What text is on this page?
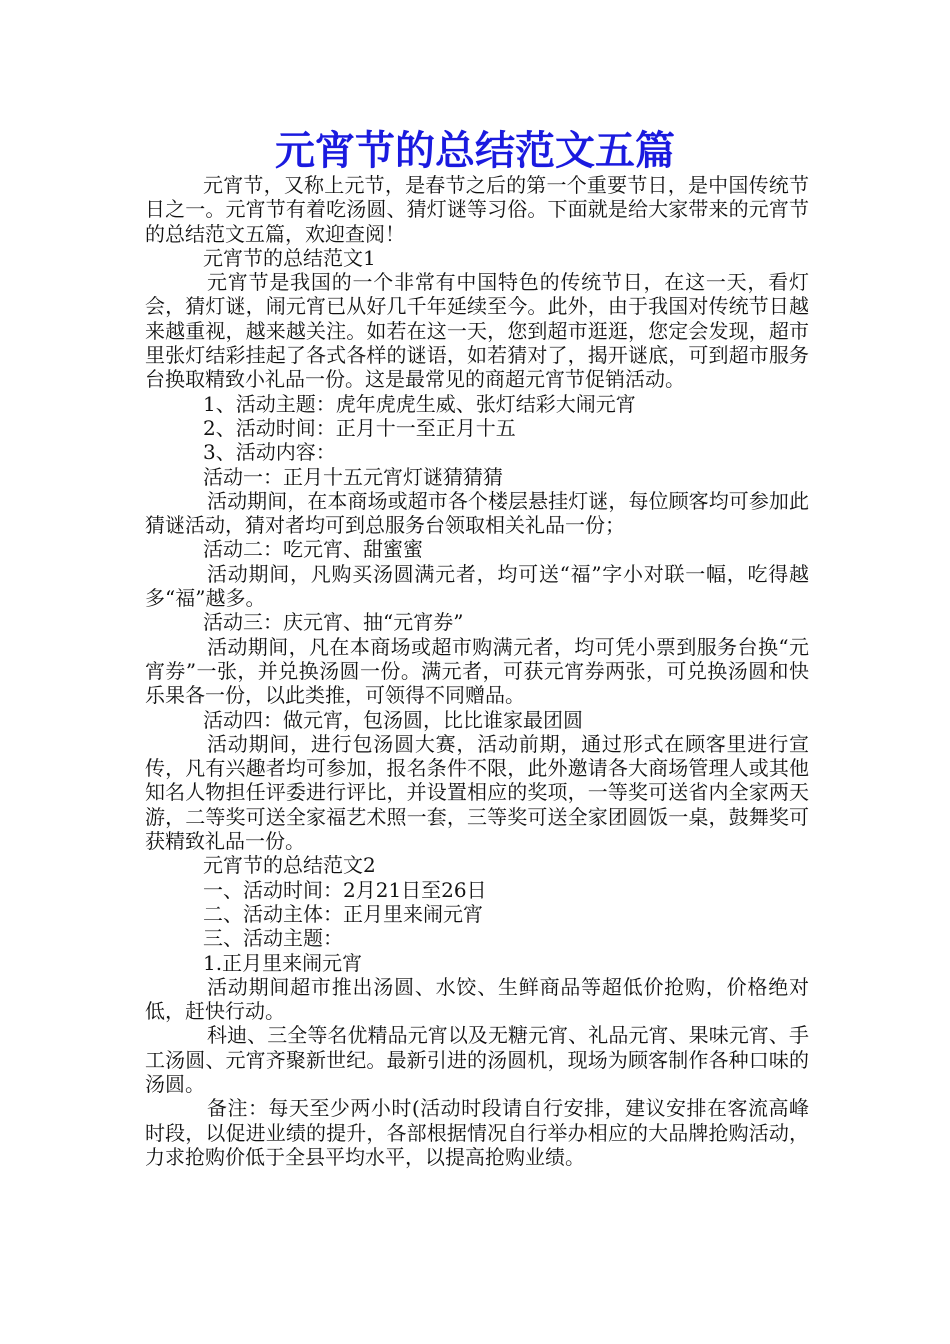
元宵节的总结范文五篇

元宵节，又称上元节，是春节之后的第一个重要节日，是中国传统节日之一。元宵节有着吃汤圆、猜灯谜等习俗。下面就是给大家带来的元宵节的总结范文五篇，欢迎查阅！

元宵节的总结范文1

元宵节是我国的一个非常有中国特色的传统节日，在这一天，看灯会，猜灯谜，闹元宵已从好几千年延续至今。此外，由于我国对传统节日越来越重视，越来越关注。如若在这一天，您到超市逛逛，您定会发现，超市里张灯结彩挂起了各式各样的谜语，如若猜对了，揭开谜底，可到超市服务台换取精致小礼品一份。这是最常见的商超元宵节促销活动。

1、活动主题：虎年虎虎生威、张灯结彩大闹元宵

2、活动时间：正月十一至正月十五

3、活动内容：

活动一：正月十五元宵灯谜猜猜猜

活动期间，在本商场或超市各个楼层悬挂灯谜，每位顾客均可参加此猜谜活动，猜对者均可到总服务台领取相关礼品一份；

活动二：吃元宵、甜蜜蜜

活动期间，凡购买汤圆满元者，均可送“福”字小对联一幅，吃得越多“福”越多。

活动三：庆元宵、抽“元宵券”

活动期间，凡在本商场或超市购满元者，均可凭小票到服务台换“元宵券”一张，并兑换汤圆一份。满元者，可获元宵券两张，可兑换汤圆和快乐果各一份，以此类推，可领得不同赠品。

活动四：做元宵，包汤圆，比比谁家最团圆

活动期间，进行包汤圆大赛，活动前期，通过形式在顾客里进行宣传，凡有兴趣者均可参加，报名条件不限，此外邀请各大商场管理人或其他知名人物担任评委进行评比，并设置相应的奖项，一等奖可送省内全家两天游，二等奖可送全家福艺术照一套，三等奖可送全家团圆饭一桌，鼓舞奖可获精致礼品一份。

元宵节的总结范文2

一、活动时间：2月21日至26日

二、活动主体：正月里来闹元宵

三、活动主题：

1.正月里来闹元宵

活动期间超市推出汤圆、水饺、生鲜商品等超低价抢购，价格绝对低，赶快行动。

科迪、三全等名优精品元宵以及无糖元宵、礼品元宵、果味元宵、手工汤圆、元宵齐聚新世纪。最新引进的汤圆机，现场为顾客制作各种口味的汤圆。

备注：每天至少两小时(活动时段请自行安排，建议安排在客流高峰时段，以促进业绩的提升，各部根据情况自行举办相应的大品牌抢购活动，力求抢购价低于全县平均水平，以提高抢购业绩。
